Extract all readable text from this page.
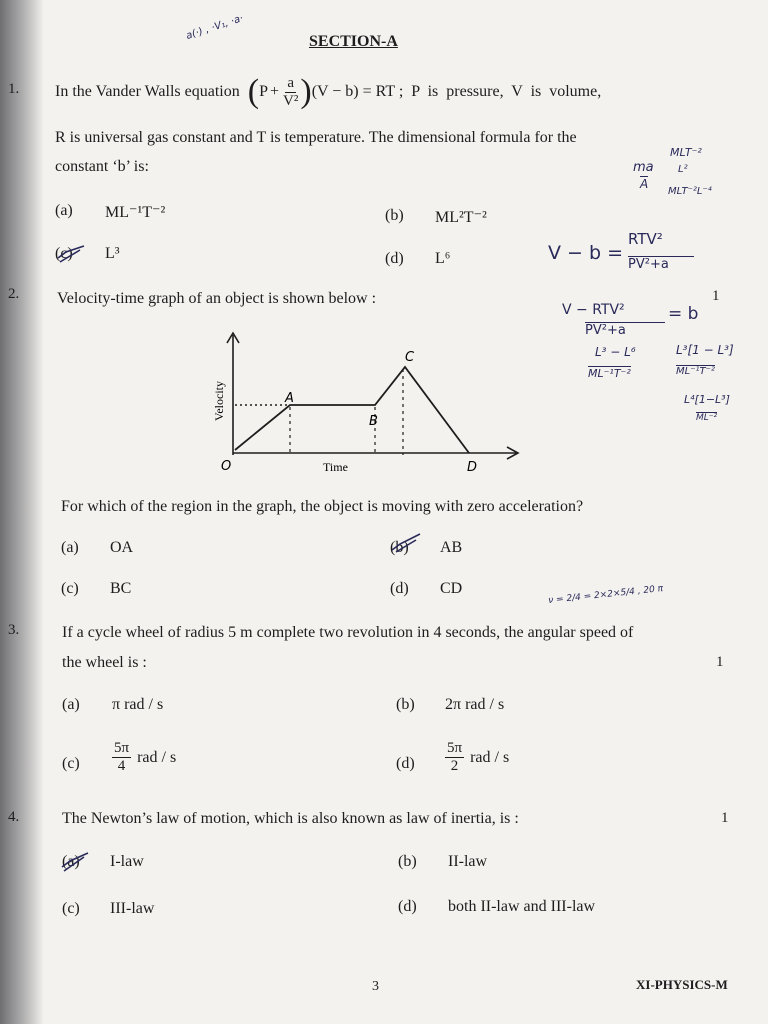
SECTION-A
1. In the Vander Walls equation ( $P + \frac{a}{\text{V²}}$ ) (V − b) = RT ; P is pressure, V is volume,
R is universal gas constant and T is temperature. The dimensional formula for the
constant ‘b’ is:
(a) ML⁻¹T⁻²	(b) ML²T⁻²
(c) L³	(d) L⁶
1
2. Velocity-time graph of an object is shown below :
Velocity
Time
O
A
B
C
D
For which of the region in the graph, the object is moving with zero acceleration?
(a) OA	(b) AB
(c) BC	(d) CD
3.	If a cycle wheel of radius 5 m complete two revolution in 4 seconds, the angular speed of
the wheel is :	1
(a) π rad / s	(b) 2π rad / s
$(c) \frac{5\pi}{4}$ rad / s	$(d) \frac{5\pi}{2}$ rad / s
4.	The Newton’s law of motion, which is also known as law of inertia, is :	1
(a) I-law	(b) II-law
(c) III-law	(d) both II-law and III-law
3	XI-PHYSICS-M
a(·) , ·V₁, ·a·
ma
A
MLT⁻²
L²
MLT⁻²L⁻⁴
V − b =
RTV²
PV²+a
V − RTV²
PV²+a
= b
L³ − L⁶
ML⁻¹T⁻²
L³[1 − L³]
ML⁻¹T⁻²
L⁴[1−L³]
ML⁻²
ν = 2/4 = 2×2×5/4 , 20 π
